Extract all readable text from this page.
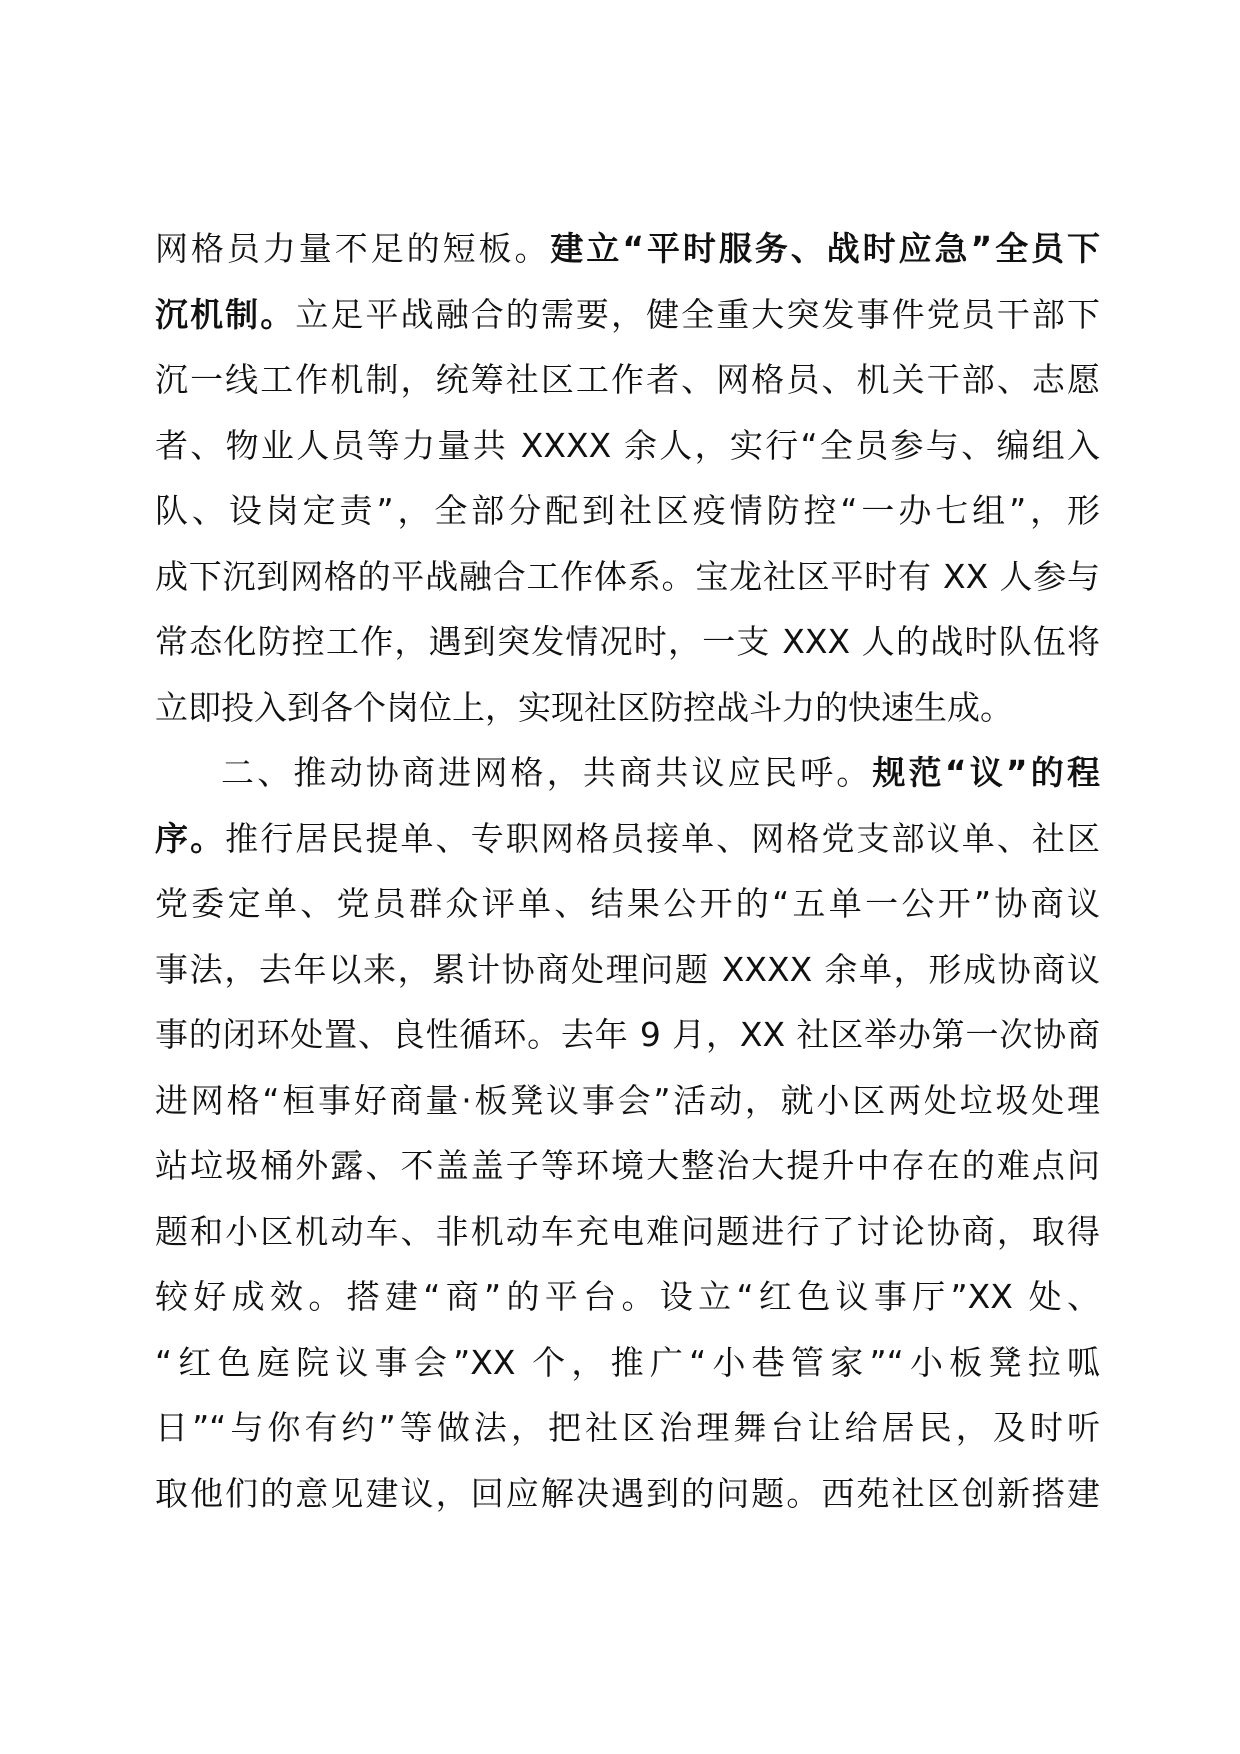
网格员力量不足的短板。建立“平时服务、战时应急”全员下
沉机制。立足平战融合的需要，健全重大突发事件党员干部下
沉一线工作机制，统筹社区工作者、网格员、机关干部、志愿
者、物业人员等力量共 XXXX 余人，实行“全员参与、编组入
队、设岗定责”，全部分配到社区疫情防控“一办七组”，形
成下沉到网格的平战融合工作体系。宝龙社区平时有 XX 人参与
常态化防控工作，遇到突发情况时，一支 XXX 人的战时队伍将
立即投入到各个岗位上，实现社区防控战斗力的快速生成。
二、推动协商进网格，共商共议应民呼。规范“议”的程
序。推行居民提单、专职网格员接单、网格党支部议单、社区
党委定单、党员群众评单、结果公开的“五单一公开”协商议
事法，去年以来，累计协商处理问题 XXXX 余单，形成协商议
事的闭环处置、良性循环。去年 9 月，XX 社区举办第一次协商
进网格“桓事好商量·板凳议事会”活动，就小区两处垃圾处理
站垃圾桶外露、不盖盖子等环境大整治大提升中存在的难点问
题和小区机动车、非机动车充电难问题进行了讨论协商，取得
较好成效。搭建“商”的平台。设立“红色议事厅”XX 处、
“红色庭院议事会”XX 个，推广“小巷管家”“小板凳拉呱
日”“与你有约”等做法，把社区治理舞台让给居民，及时听
取他们的意见建议，回应解决遇到的问题。西苑社区创新搭建
